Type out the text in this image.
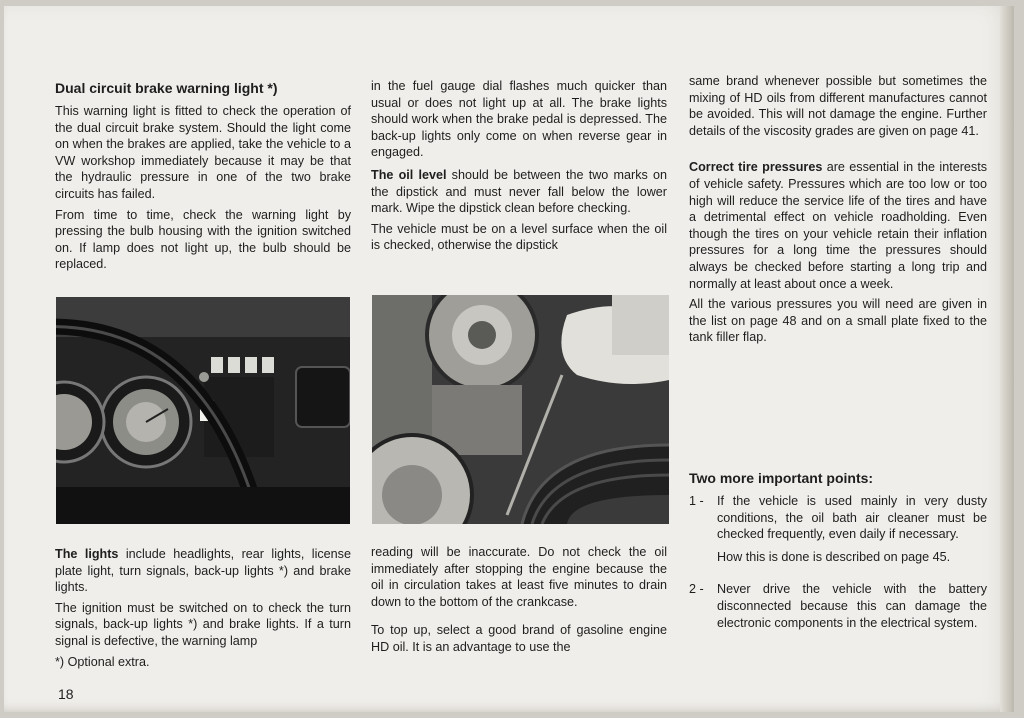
Dual circuit brake warning light *)

This warning light is fitted to check the operation of the dual circuit brake system. Should the light come on when the brakes are applied, take the vehicle to a VW workshop immediately because it may be that the hydraulic pressure in one of the two brake circuits has failed.

From time to time, check the warning light by pressing the bulb housing with the ignition switched on. If lamp does not light up, the bulb should be replaced.

The lights include headlights, rear lights, license plate light, turn signals, back-up lights *) and brake lights.

The ignition must be switched on to check the turn signals, back-up lights *) and brake lights. If a turn signal is defective, the warning lamp

*) Optional extra.

18

in the fuel gauge dial flashes much quicker than usual or does not light up at all. The brake lights should work when the brake pedal is depressed. The back-up lights only come on when reverse gear in engaged.

The oil level should be between the two marks on the dipstick and must never fall below the lower mark. Wipe the dipstick clean before checking.

The vehicle must be on a level surface when the oil is checked, otherwise the dipstick

reading will be inaccurate. Do not check the oil immediately after stopping the engine because the oil in circulation takes at least five minutes to drain down to the bottom of the crankcase.

To top up, select a good brand of gasoline engine HD oil. It is an advantage to use the

same brand whenever possible but sometimes the mixing of HD oils from different manufactures cannot be avoided. This will not damage the engine. Further details of the viscosity grades are given on page 41.

Correct tire pressures are essential in the interests of vehicle safety. Pressures which are too low or too high will reduce the service life of the tires and have a detrimental effect on vehicle roadholding. Even though the tires on your vehicle retain their inflation pressures for a long time the pressures should always be checked before starting a long trip and normally at least about once a week.

All the various pressures you will need are given in the list on page 48 and on a small plate fixed to the tank filler flap.

Two more important points:
1 -	If the vehicle is used mainly in very dusty conditions, the oil bath air cleaner must be checked frequently, even daily if necessary.

How this is done is described on page 45.

2 -	Never drive the vehicle with the battery disconnected because this can damage the electronic components in the electrical system.
